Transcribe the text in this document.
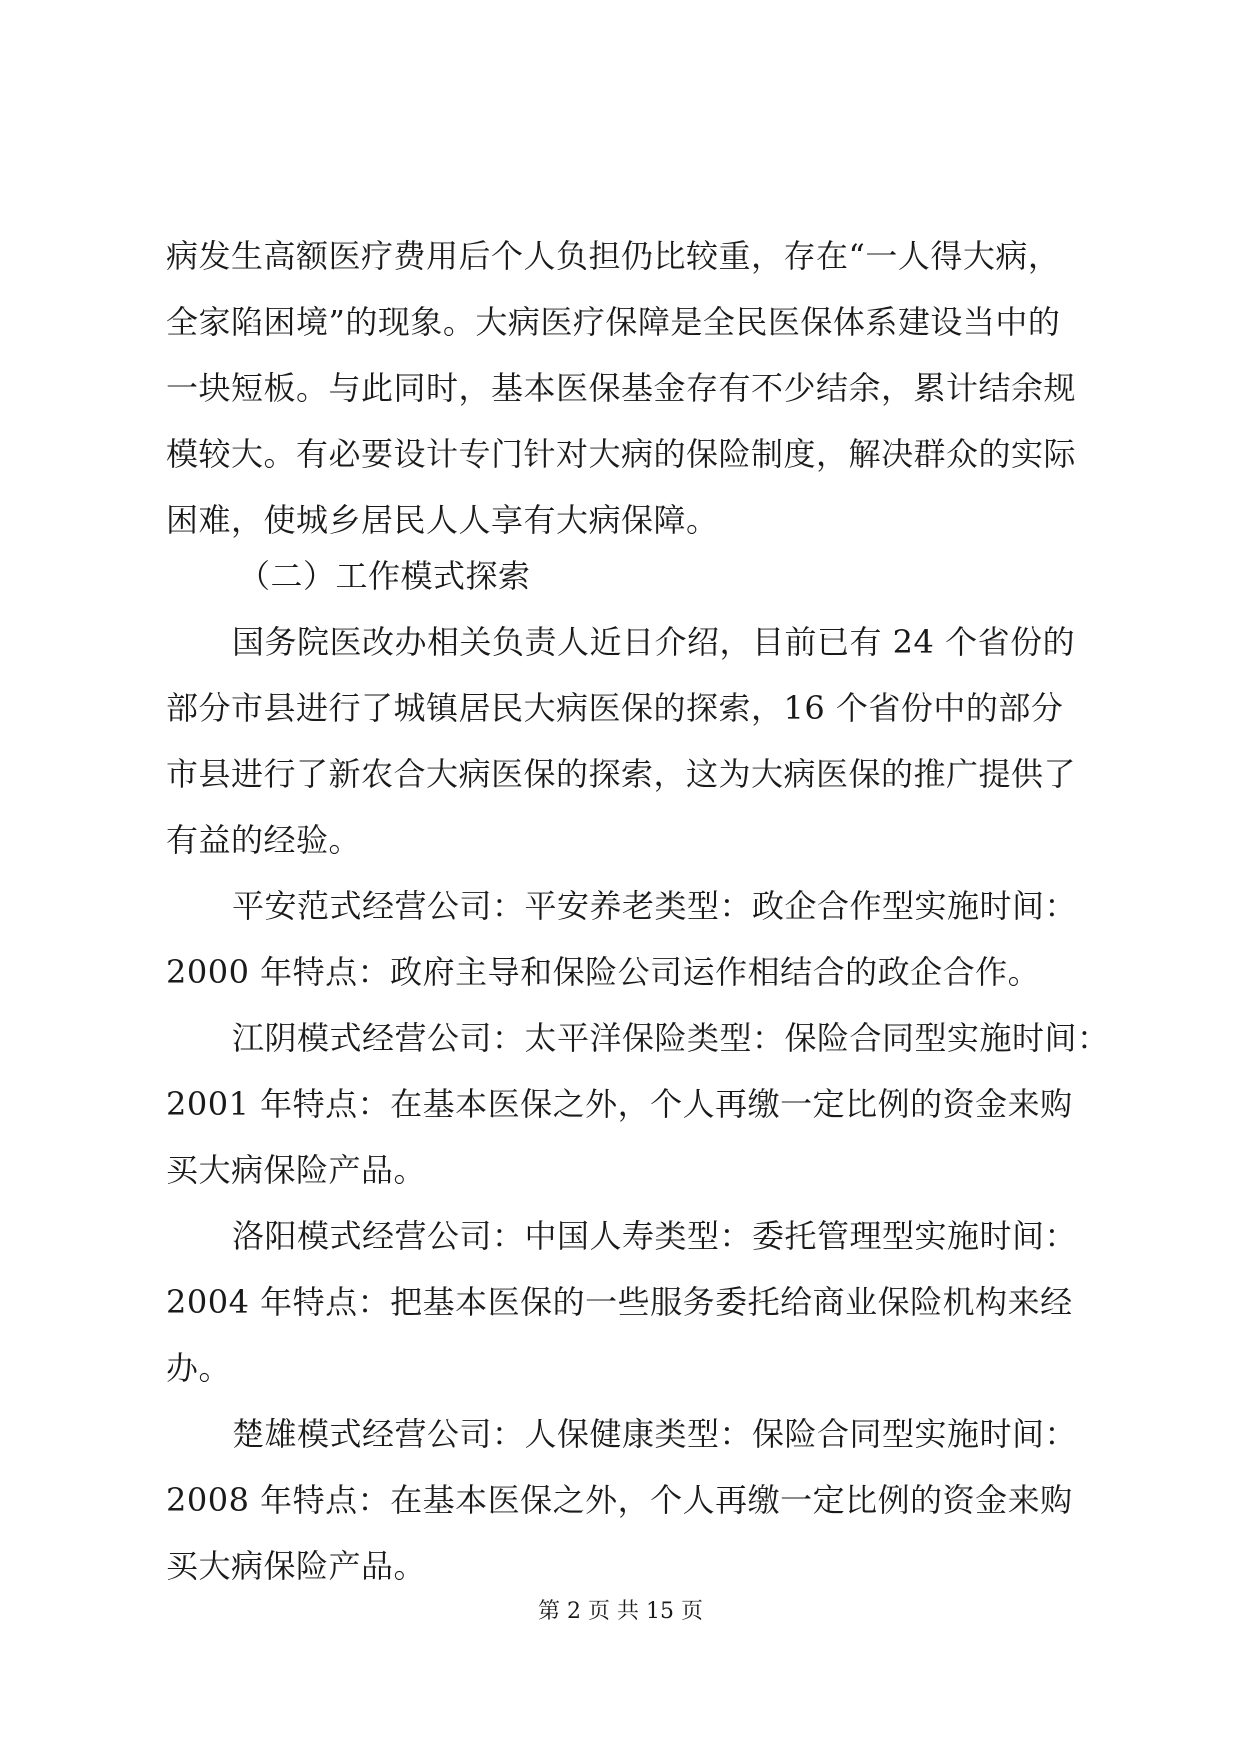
病发生高额医疗费用后个人负担仍比较重，存在“一人得大病，
全家陷困境”的现象。大病医疗保障是全民医保体系建设当中的
一块短板。与此同时，基本医保基金存有不少结余，累计结余规
模较大。有必要设计专门针对大病的保险制度，解决群众的实际
困难，使城乡居民人人享有大病保障。
（二）工作模式探索
国务院医改办相关负责人近日介绍，目前已有 24 个省份的
部分市县进行了城镇居民大病医保的探索，16 个省份中的部分
市县进行了新农合大病医保的探索，这为大病医保的推广提供了
有益的经验。
平安范式经营公司：平安养老类型：政企合作型实施时间：
2000 年特点：政府主导和保险公司运作相结合的政企合作。
江阴模式经营公司：太平洋保险类型：保险合同型实施时间：
2001 年特点：在基本医保之外，个人再缴一定比例的资金来购
买大病保险产品。
洛阳模式经营公司：中国人寿类型：委托管理型实施时间：
2004 年特点：把基本医保的一些服务委托给商业保险机构来经
办。
楚雄模式经营公司：人保健康类型：保险合同型实施时间：
2008 年特点：在基本医保之外，个人再缴一定比例的资金来购
买大病保险产品。
第 2 页 共 15 页
